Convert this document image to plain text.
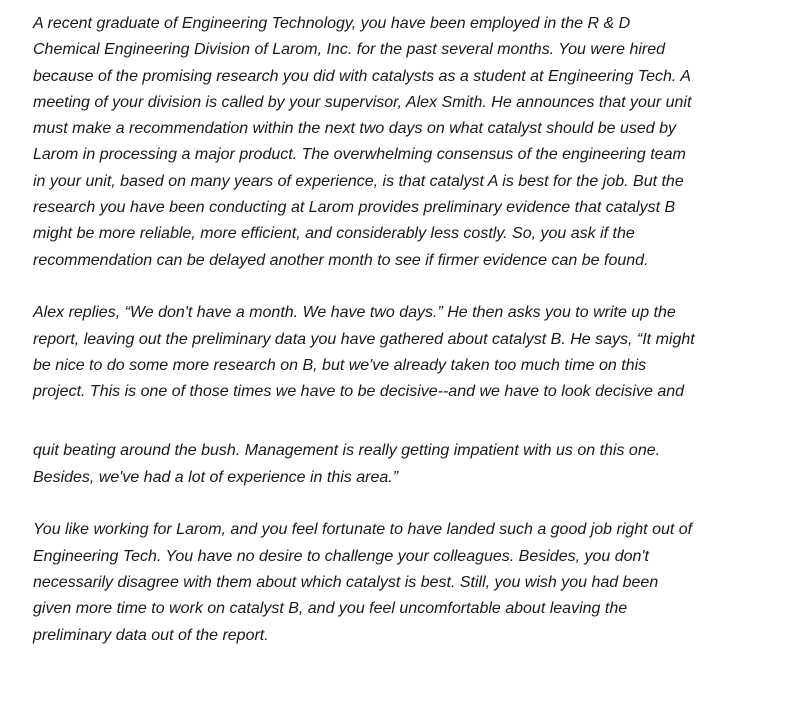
A recent graduate of Engineering Technology, you have been employed in the R & D
Chemical Engineering Division of Larom, Inc. for the past several months. You were hired
because of the promising research you did with catalysts as a student at Engineering Tech. A
meeting of your division is called by your supervisor, Alex Smith. He announces that your unit
must make a recommendation within the next two days on what catalyst should be used by
Larom in processing a major product. The overwhelming consensus of the engineering team
in your unit, based on many years of experience, is that catalyst A is best for the job. But the
research you have been conducting at Larom provides preliminary evidence that catalyst B
might be more reliable, more efficient, and considerably less costly. So, you ask if the
recommendation can be delayed another month to see if firmer evidence can be found.
Alex replies, “We don't have a month. We have two days.” He then asks you to write up the
report, leaving out the preliminary data you have gathered about catalyst B. He says, “It might
be nice to do some more research on B, but we've already taken too much time on this
project. This is one of those times we have to be decisive--and we have to look decisive and
quit beating around the bush. Management is really getting impatient with us on this one.
Besides, we've had a lot of experience in this area.”
You like working for Larom, and you feel fortunate to have landed such a good job right out of
Engineering Tech. You have no desire to challenge your colleagues. Besides, you don't
necessarily disagree with them about which catalyst is best. Still, you wish you had been
given more time to work on catalyst B, and you feel uncomfortable about leaving the
preliminary data out of the report.
